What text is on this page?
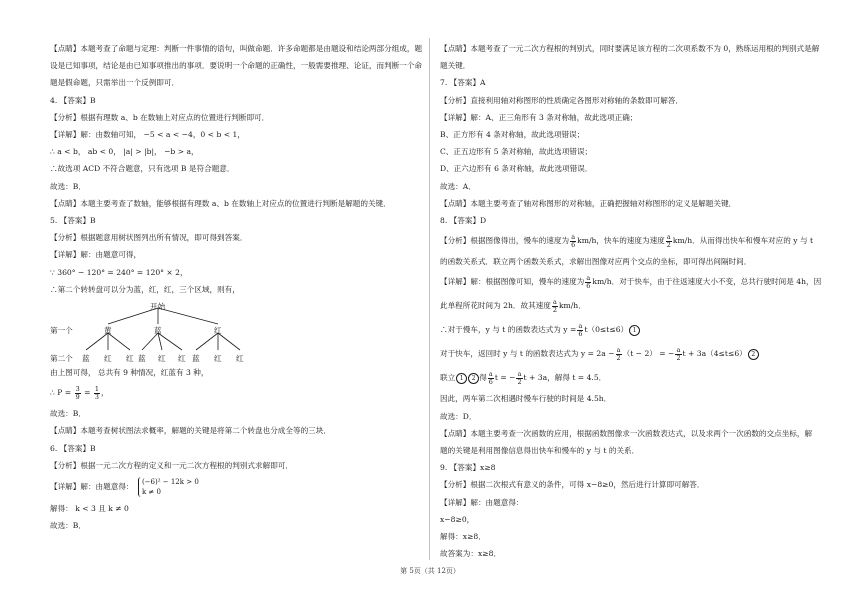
【点睛】本题考查了命题与定理：判断一件事情的语句，叫做命题．许多命题都是由题设和结论两部分组成，题

设是已知事项，结论是由已知事项推出的事项．要说明一个命题的正确性，一般需要推理、论证，而判断一个命

题是假命题，只需举出一个反例即可．

4. 【答案】B

【分析】根据有理数 a、b 在数轴上对应点的位置进行判断即可．

【详解】解：由数轴可知， −5 < a < −4，0 < b < 1，

∴ a < b， ab < 0， |a| > |b|， −b > a，

∴故选项 ACD 不符合题意，只有选项 B 是符合题意．

故选：B．

【点睛】本题主要考查了数轴，能够根据有理数 a、b 在数轴上对应点的位置进行判断是解题的关键．

5. 【答案】B

【分析】根据题意用树状图列出所有情况，即可得到答案．

【详解】解：由题意可得，

∵ 360° − 120° = 240° = 120° × 2，

∴第二个转转盘可以分为蓝，红，红，三个区域，则有，

开始
第一个
第二个
黄	蓝	红
蓝 红 红 蓝 红 红 蓝 红 红

由上图可得， 总共有 9 种情况，红蓝有 3 种，

∴ $P = \frac{3}{9} = \frac{1}{3}$ ，

故选：B．

【点睛】本题考查树状图法求概率，解题的关键是将第二个转盘也分成全等的三块．

6. 【答案】B

【分析】根据一元二次方程的定义和一元二次方程根的判别式求解即可．

【详解】解：由题意得： (−6)² − 12k > 0
k ≠ 0

解得： k < 3 且 k ≠ 0

故选：B．

【点睛】本题考查了一元二次方程根的判别式，同时要满足该方程的二次项系数不为 0，熟练运用根的判别式是解

题关键．

7. 【答案】A

【分析】直接利用轴对称图形的性质确定各图形对称轴的条数即可解答．

【详解】解：A、正三角形有 3 条对称轴，故此选项正确；

B、正方形有 4 条对称轴，故此选项错误；

C、正五边形有 5 条对称轴，故此选项错误；

D、正六边形有 6 条对称轴，故此选项错误．

故选：A．

【点睛】本题主要考查了轴对称图形的对称轴，正确把握轴对称图形的定义是解题关键．

8. 【答案】D

【分析】根据图像得出，慢车的速度为 $\frac{a}{6} km/h$，快车的速度为速度 $\frac{a}{2} km/h$．从而得出快车和慢车对应的 y 与 t

的函数关系式．联立两个函数关系式，求解出图像对应两个交点的坐标，即可得出间隔时间．

【详解】解：根据图像可知，慢车的速度为 $\frac{a}{6} km/h$．对于快车，由于往返速度大小不变，总共行驶时间是 4h，因

此单程所花时间为 2h．故其速度 $\frac{a}{2} km/h$．

∴对于慢车，y 与 t 的函数表达式为 $y = \frac{a}{6} t(0\le t\le 6)$ 1

对于快车，返回时 y 与 t 的函数表达式为 $y = 2a - \frac{a}{2} (t - 2)$ = − $\frac{a}{2}$ t + 3a（4≤t≤6） 2

联立 1 2 得 $\frac{a}{6}$ t = − $\frac{a}{2}$ t + 3a，解得 t = 4.5．

因此，两车第二次相遇时慢车行驶的时间是 4.5h．

故选：D．

【点睛】本题主要考查一次函数的应用，根据函数图像求一次函数表达式，以及求两个一次函数的交点坐标，解

题的关键是利用图像信息得出快车和慢车的 y 与 t 的关系．

9. 【答案】x≥8

【分析】根据二次根式有意义的条件，可得 x−8≥0，然后进行计算即可解答．

【详解】解：由题意得：

x−8≥0，

解得：x≥8．

故答案为：x≥8．

第 5页（共 12页）
